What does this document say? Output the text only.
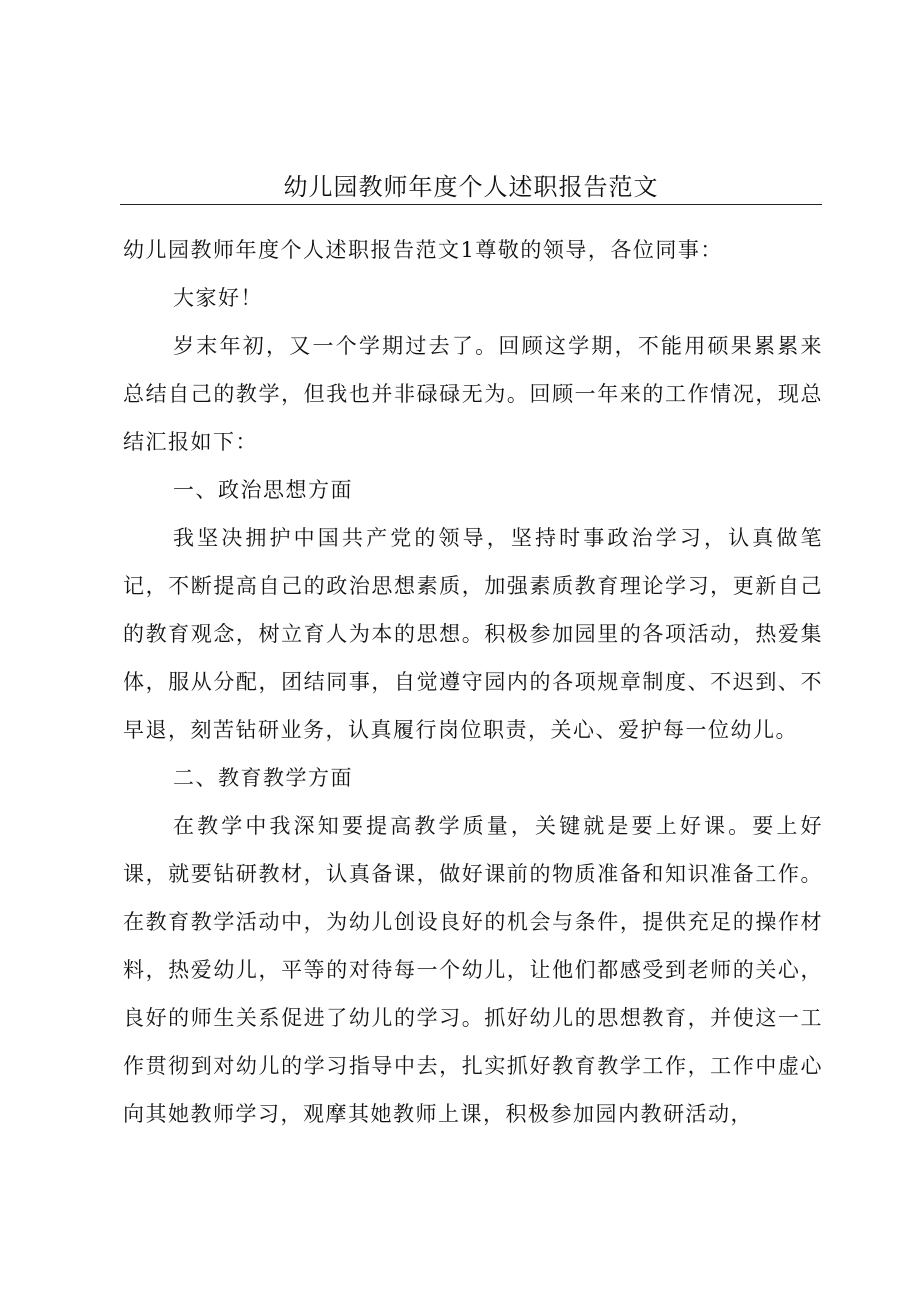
幼儿园教师年度个人述职报告范文

幼儿园教师年度个人述职报告范文1尊敬的领导，各位同事：

大家好！

岁末年初，又一个学期过去了。回顾这学期，不能用硕果累累来总结自己的教学，但我也并非碌碌无为。回顾一年来的工作情况，现总结汇报如下：

一、政治思想方面

我坚决拥护中国共产党的领导，坚持时事政治学习，认真做笔记，不断提高自己的政治思想素质，加强素质教育理论学习，更新自己的教育观念，树立育人为本的思想。积极参加园里的各项活动，热爱集体，服从分配，团结同事，自觉遵守园内的各项规章制度、不迟到、不早退，刻苦钻研业务，认真履行岗位职责，关心、爱护每一位幼儿。

二、教育教学方面

在教学中我深知要提高教学质量，关键就是要上好课。要上好课，就要钻研教材，认真备课，做好课前的物质准备和知识准备工作。在教育教学活动中，为幼儿创设良好的机会与条件，提供充足的操作材料，热爱幼儿，平等的对待每一个幼儿，让他们都感受到老师的关心，良好的师生关系促进了幼儿的学习。抓好幼儿的思想教育，并使这一工作贯彻到对幼儿的学习指导中去，扎实抓好教育教学工作，工作中虚心向其她教师学习，观摩其她教师上课，积极参加园内教研活动，
